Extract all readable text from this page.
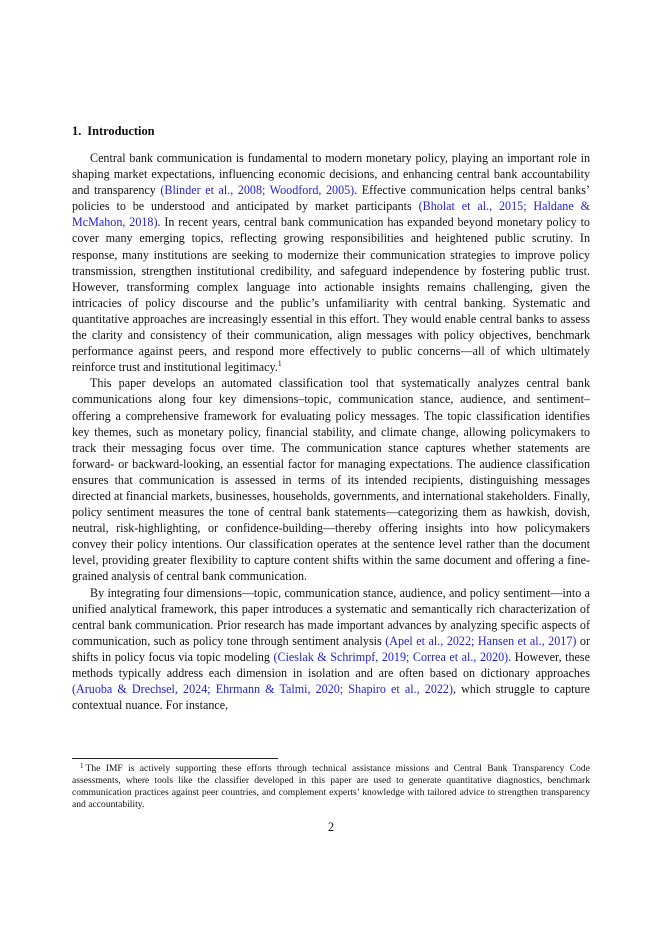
1. Introduction

Central bank communication is fundamental to modern monetary policy, playing an important role in shaping market expectations, influencing economic decisions, and enhancing central bank accountability and transparency (Blinder et al., 2008; Woodford, 2005). Effective communication helps central banks’ policies to be understood and anticipated by market participants (Bholat et al., 2015; Haldane & McMahon, 2018). In recent years, central bank communication has expanded beyond monetary policy to cover many emerging topics, reflecting growing responsibilities and heightened public scrutiny. In response, many institutions are seeking to modernize their communication strategies to improve policy transmission, strengthen institutional credibility, and safeguard independence by fostering public trust. However, transforming complex language into actionable insights remains challenging, given the intricacies of policy discourse and the public’s unfamiliarity with central banking. Systematic and quantitative approaches are increasingly essential in this effort. They would enable central banks to assess the clarity and consistency of their communication, align messages with policy objectives, benchmark performance against peers, and respond more effectively to public concerns—all of which ultimately reinforce trust and institutional legitimacy.$^1$

This paper develops an automated classification tool that systematically analyzes central bank communications along four key dimensions–topic, communication stance, audience, and sentiment–offering a comprehensive framework for evaluating policy messages. The topic classification identifies key themes, such as monetary policy, financial stability, and climate change, allowing policymakers to track their messaging focus over time. The communication stance captures whether statements are forward- or backward-looking, an essential factor for managing expectations. The audience classification ensures that communication is assessed in terms of its intended recipients, distinguishing messages directed at financial markets, businesses, households, governments, and international stakeholders. Finally, policy sentiment measures the tone of central bank statements—categorizing them as hawkish, dovish, neutral, risk-highlighting, or confidence-building—thereby offering insights into how policymakers convey their policy intentions. Our classification operates at the sentence level rather than the document level, providing greater flexibility to capture content shifts within the same document and offering a fine-grained analysis of central bank communication.

By integrating four dimensions—topic, communication stance, audience, and policy sentiment—into a unified analytical framework, this paper introduces a systematic and semantically rich characterization of central bank communication. Prior research has made important advances by analyzing specific aspects of communication, such as policy tone through sentiment analysis (Apel et al., 2022; Hansen et al., 2017) or shifts in policy focus via topic modeling (Cieslak & Schrimpf, 2019; Correa et al., 2020). However, these methods typically address each dimension in isolation and are often based on dictionary approaches (Aruoba & Drechsel, 2024; Ehrmann & Talmi, 2020; Shapiro et al., 2022), which struggle to capture contextual nuance. For instance,

$^1$ The IMF is actively supporting these efforts through technical assistance missions and Central Bank Transparency Code assessments, where tools like the classifier developed in this paper are used to generate quantitative diagnostics, benchmark communication practices against peer countries, and complement experts’ knowledge with tailored advice to strengthen transparency and accountability.
2
